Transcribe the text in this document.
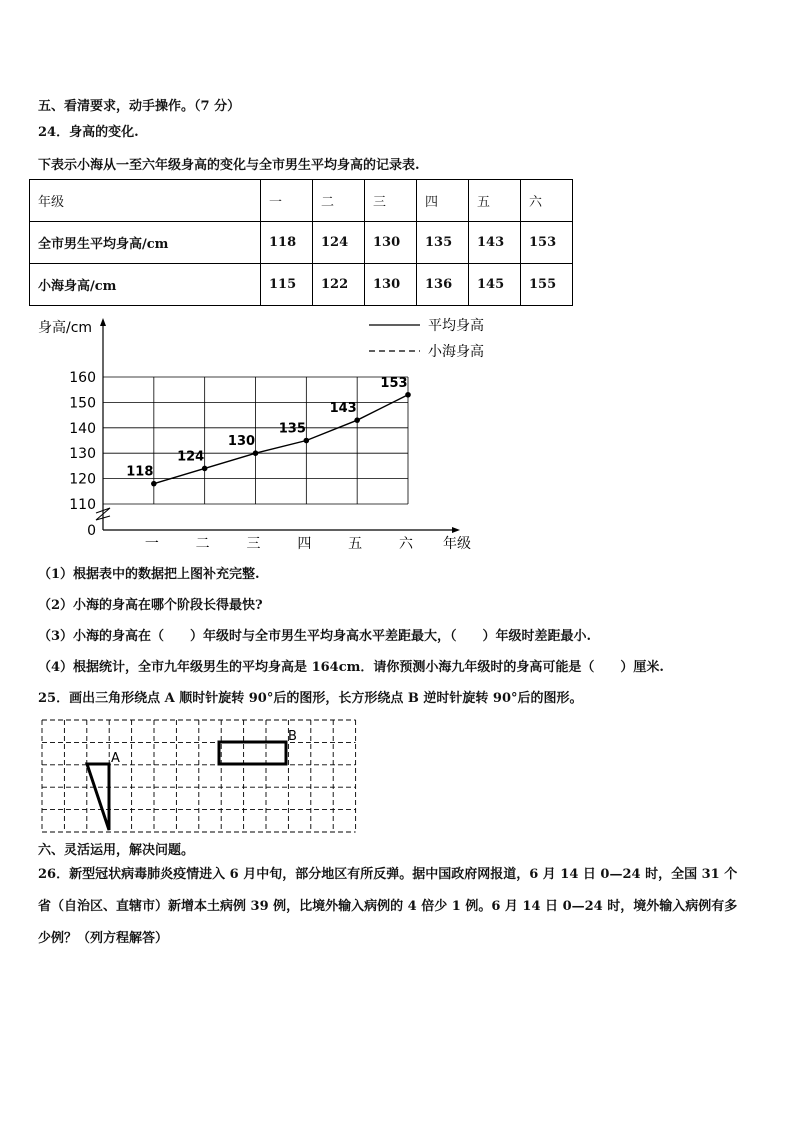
五、看清要求，动手操作。（7 分）
24．身高的变化.
下表示小海从一至六年级身高的变化与全市男生平均身高的记录表.
年级	一	二	三	四	五	六
全市男生平均身高/cm	118	124	130	135	143	153
小海身高/cm	115	122	130	136	145	155
身高/cm
年级
0
110
120
130
140
150
160
一	二	三	四	五	六
118
124
130
135
143
153
平均身高
小海身高
（1）根据表中的数据把上图补充完整.
（2）小海的身高在哪个阶段长得最快?
（3）小海的身高在（　　）年级时与全市男生平均身高水平差距最大，（　　）年级时差距最小.
（4）根据统计，全市九年级男生的平均身高是 164cm．请你预测小海九年级时的身高可能是（　　）厘米.
25．画出三角形绕点 A 顺时针旋转 90°后的图形，长方形绕点 B 逆时针旋转 90°后的图形。
A
B
六、灵活运用，解决问题。
26．新型冠状病毒肺炎疫情进入 6 月中旬，部分地区有所反弹。据中国政府网报道，6 月 14 日 0—24 时，全国 31 个
省（自治区、直辖市）新增本土病例 39 例，比境外输入病例的 4 倍少 1 例。6 月 14 日 0—24 时，境外输入病例有多
少例？（列方程解答）
